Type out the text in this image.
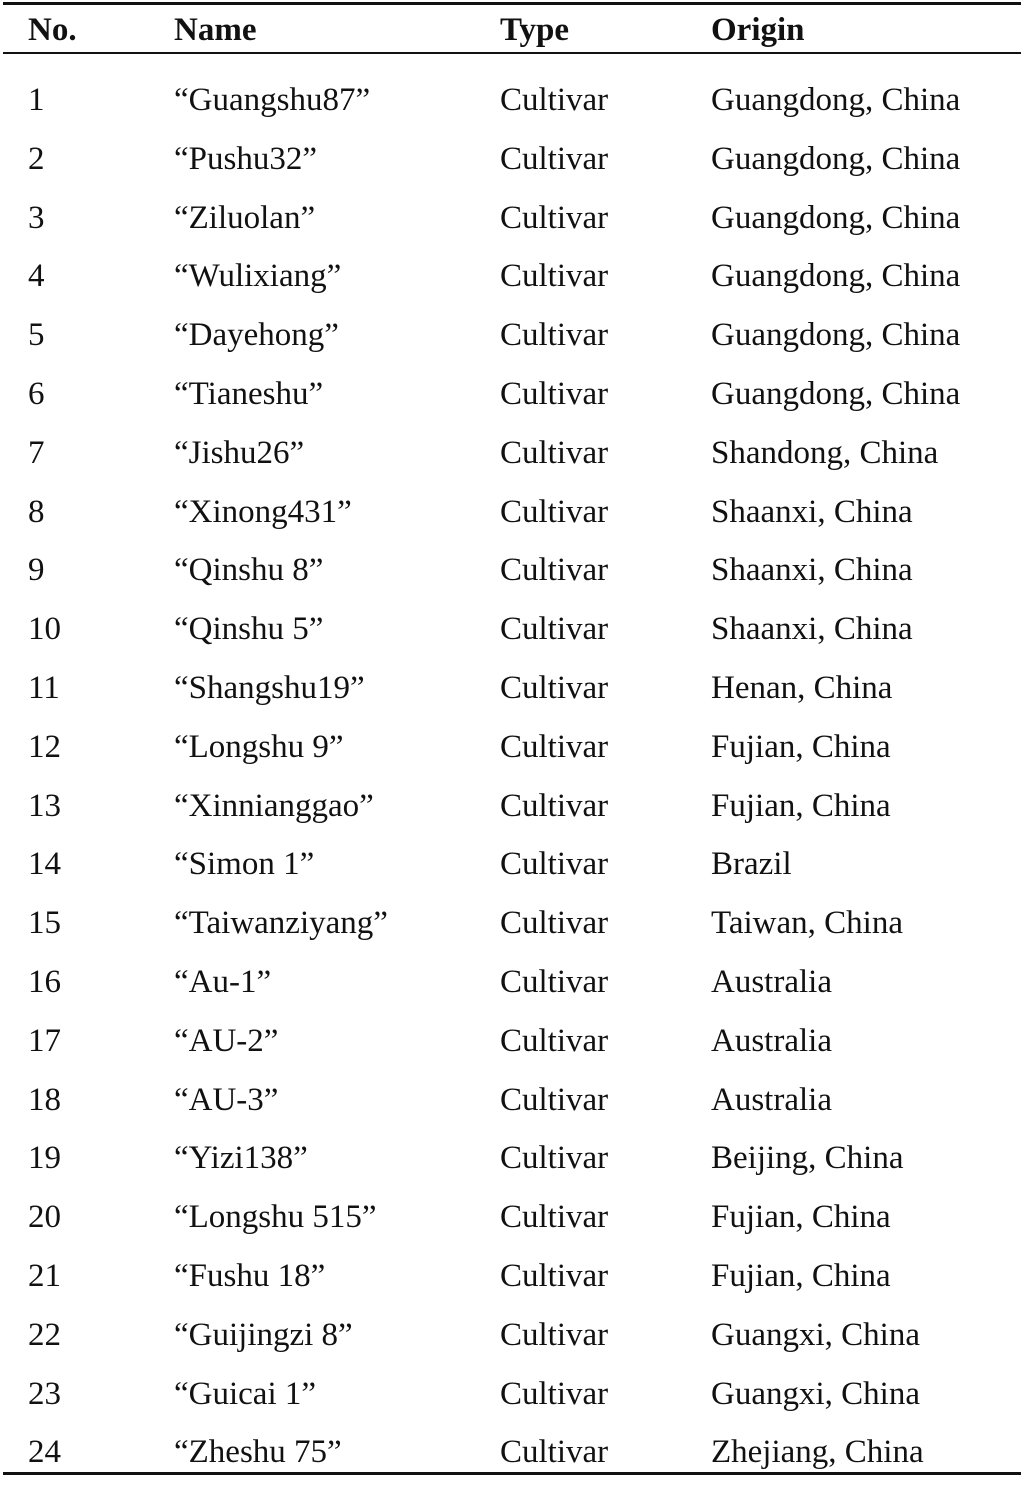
No.	Name	Type	Origin
1	“Guangshu87”	Cultivar	Guangdong, China
2	“Pushu32”	Cultivar	Guangdong, China
3	“Ziluolan”	Cultivar	Guangdong, China
4	“Wulixiang”	Cultivar	Guangdong, China
5	“Dayehong”	Cultivar	Guangdong, China
6	“Tianeshu”	Cultivar	Guangdong, China
7	“Jishu26”	Cultivar	Shandong, China
8	“Xinong431”	Cultivar	Shaanxi, China
9	“Qinshu 8”	Cultivar	Shaanxi, China
10	“Qinshu 5”	Cultivar	Shaanxi, China
11	“Shangshu19”	Cultivar	Henan, China
12	“Longshu 9”	Cultivar	Fujian, China
13	“Xinnianggao”	Cultivar	Fujian, China
14	“Simon 1”	Cultivar	Brazil
15	“Taiwanziyang”	Cultivar	Taiwan, China
16	“Au-1”	Cultivar	Australia
17	“AU-2”	Cultivar	Australia
18	“AU-3”	Cultivar	Australia
19	“Yizi138”	Cultivar	Beijing, China
20	“Longshu 515”	Cultivar	Fujian, China
21	“Fushu 18”	Cultivar	Fujian, China
22	“Guijingzi 8”	Cultivar	Guangxi, China
23	“Guicai 1”	Cultivar	Guangxi, China
24	“Zheshu 75”	Cultivar	Zhejiang, China
